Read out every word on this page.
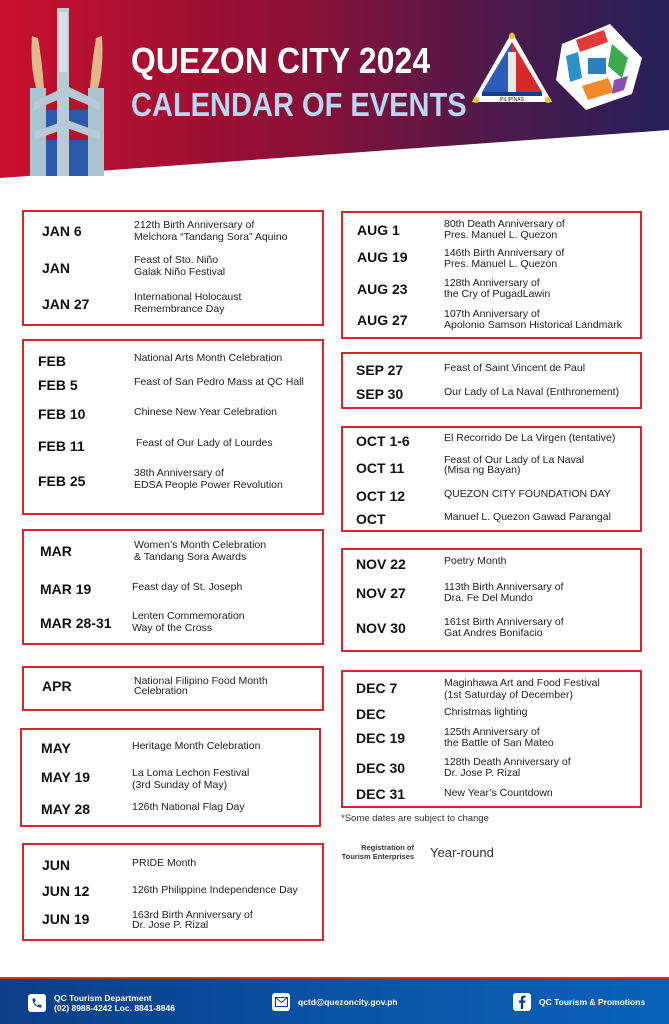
QUEZON CITY 2024
CALENDAR OF EVENTS	PILIPINAS
JAN 6	212th Birth Anniversary of
Melchora “Tandang Sora” Aquino
JAN	Feast of Sto. Niño
Galak Niño Festival
JAN 27	International Holocaust
Remembrance Day
FEB	National Arts Month Celebration
FEB 5	Feast of San Pedro Mass at QC Hall
FEB 10	Chinese New Year Celebration
FEB 11	Feast of Our Lady of Lourdes
FEB 25	38th Anniversary of
EDSA People Power Revolution
MAR	Women’s Month Celebration
& Tandang Sora Awards
MAR 19	Feast day of St. Joseph
MAR 28-31 Lenten Commemoration
Way of the Cross
APR	National Filipino Food Month
Celebration
MAY	Heritage Month Celebration
MAY 19	La Loma Lechon Festival
(3rd Sunday of May)
MAY 28	126th National Flag Day
JUN	PRIDE Month
JUN 12	126th Philippine Independence Day
JUN 19	163rd Birth Anniversary of
Dr. Jose P. Rizal
AUG 1	80th Death Anniversary of
Pres. Manuel L. Quezon
AUG 19	146th Birth Anniversary of
Pres. Manuel L. Quezon
AUG 23	128th Anniversary of
the Cry of PugadLawin
AUG 27	107th Anniversary of
Apolonio Samson Historical Landmark
SEP 27	Feast of Saint Vincent de Paul
SEP 30	Our Lady of La Naval (Enthronement)
OCT 1-6	El Recorrido De La Virgen (tentative)
OCT 11	Feast of Our Lady of La Naval
(Misa ng Bayan)
OCT 12	QUEZON CITY FOUNDATION DAY
OCT	Manuel L. Quezon Gawad Parangal
NOV 22	Poetry Month
NOV 27	113th Birth Anniversary of
Dra. Fe Del Mundo
NOV 30	161st Birth Anniversary of
Gat Andres Bonifacio
DEC 7	Maginhawa Art and Food Festival
(1st Saturday of December)
DEC	Christmas lighting
DEC 19	125th Anniversary of
the Battle of San Mateo
DEC 30	128th Death Anniversary of
Dr. Jose P. Rizal
DEC 31	New Year’s Countdown
*Some dates are subject to change
Registration of
Tourism Enterprises Year-round
QC Tourism Department
(02) 8988-4242 Loc. 8841-8846
qctd@quezoncity.gov.ph	QC Tourism & Promotions
